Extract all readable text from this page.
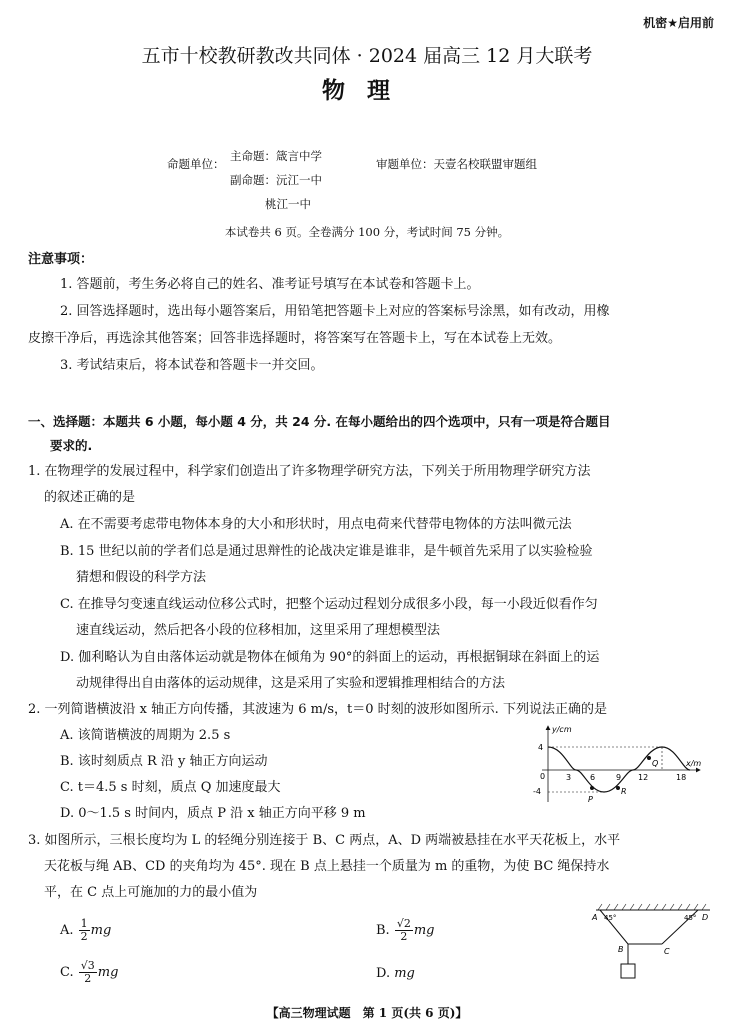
机密★启用前
五市十校教研教改共同体 · 2024 届高三 12 月大联考
物理
命题单位：
主命题：箴言中学
副命题：沅江一中
桃江一中
审题单位：天壹名校联盟审题组
本试卷共 6 页。全卷满分 100 分，考试时间 75 分钟。
注意事项：
1. 答题前，考生务必将自己的姓名、准考证号填写在本试卷和答题卡上。
2. 回答选择题时，选出每小题答案后，用铅笔把答题卡上对应的答案标号涂黑，如有改动，用橡
皮擦干净后，再选涂其他答案；回答非选择题时，将答案写在答题卡上，写在本试卷上无效。
3. 考试结束后，将本试卷和答题卡一并交回。
一、选择题：本题共 6 小题，每小题 4 分，共 24 分. 在每小题给出的四个选项中，只有一项是符合题目
要求的.
1. 在物理学的发展过程中，科学家们创造出了许多物理学研究方法，下列关于所用物理学研究方法
的叙述正确的是
A. 在不需要考虑带电物体本身的大小和形状时，用点电荷来代替带电物体的方法叫微元法
B. 15 世纪以前的学者们总是通过思辩性的论战决定谁是谁非，是牛顿首先采用了以实验检验
猜想和假设的科学方法
C. 在推导匀变速直线运动位移公式时，把整个运动过程划分成很多小段，每一小段近似看作匀
速直线运动，然后把各小段的位移相加，这里采用了理想模型法
D. 伽利略认为自由落体运动就是物体在倾角为 90°的斜面上的运动，再根据铜球在斜面上的运
动规律得出自由落体的运动规律，这是采用了实验和逻辑推理相结合的方法
2. 一列简谐横波沿 x 轴正方向传播，其波速为 6 m/s，t＝0 时刻的波形如图所示. 下列说法正确的是
A. 该简谐横波的周期为 2.5 s
B. 该时刻质点 R 沿 y 轴正方向运动
C. t＝4.5 s 时刻，质点 Q 加速度最大
D. 0～1.5 s 时间内，质点 P 沿 x 轴正方向平移 9 m
y/cm
x/m
4
-4
0	3 6	9 12	18
P
R
Q
3. 如图所示，三根长度均为 L 的轻绳分别连接于 B、C 两点，A、D 两端被悬挂在水平天花板上，水平
天花板与绳 AB、CD 的夹角均为 45°. 现在 B 点上悬挂一个质量为 m 的重物，为使 BC 绳保持水
平，在 C 点上可施加的力的最小值为
A. $\frac{1}{2}$ mg	B. $\frac{√2}{2}$ mg
C. $\frac{√3}{2}$ mg	D. mg
A	D
B	C
45°	45°
【高三物理试题　第 1 页(共 6 页)】
